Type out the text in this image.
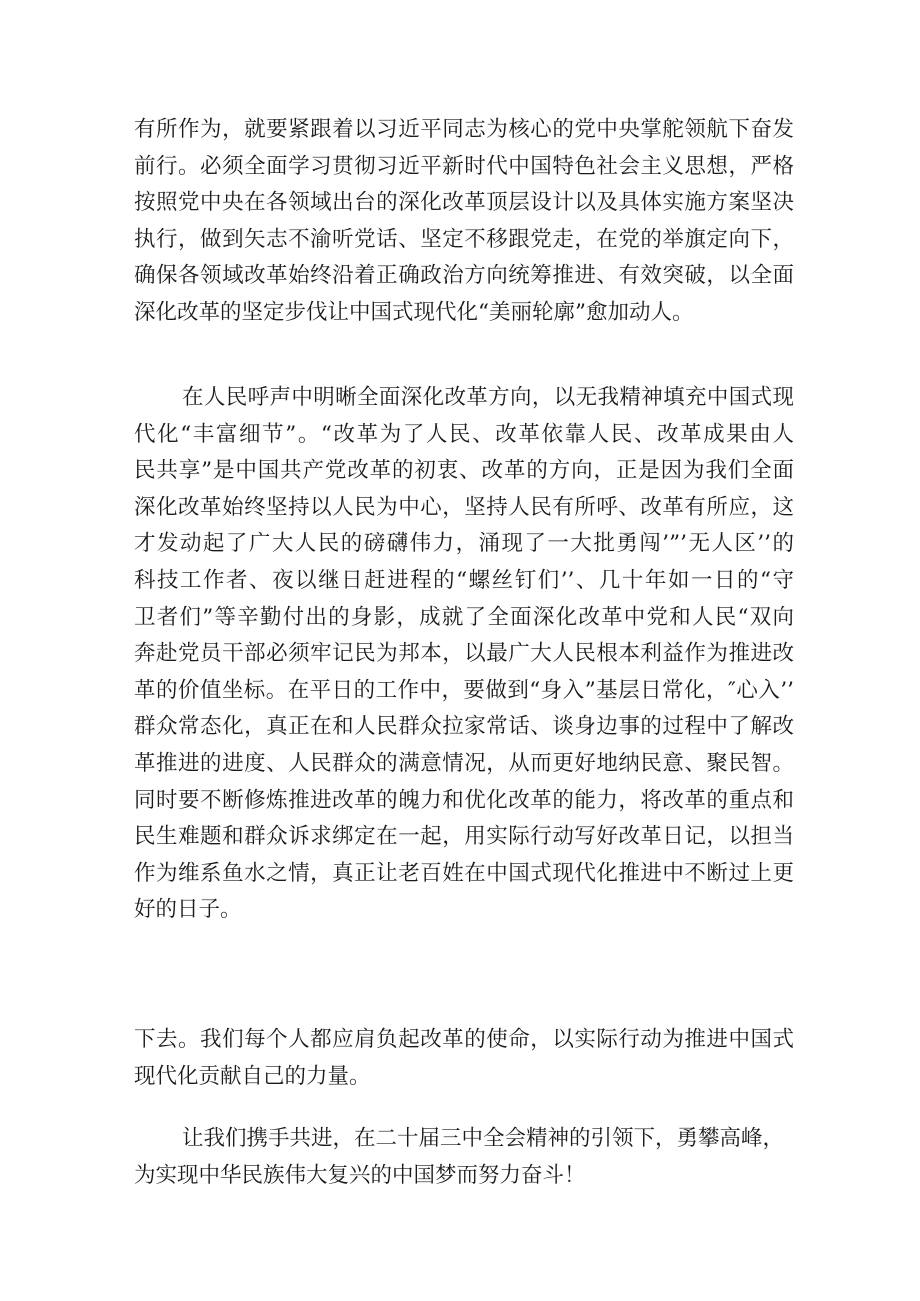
有所作为，就要紧跟着以习近平同志为核心的党中央掌舵领航下奋发
前行。必须全面学习贯彻习近平新时代中国特色社会主义思想，严格
按照党中央在各领域出台的深化改革顶层设计以及具体实施方案坚决
执行，做到矢志不渝听党话、坚定不移跟党走，在党的举旗定向下，
确保各领域改革始终沿着正确政治方向统筹推进、有效突破，以全面
深化改革的坚定步伐让中国式现代化“美丽轮廓”愈加动人。
在人民呼声中明晰全面深化改革方向，以无我精神填充中国式现
代化“丰富细节”。“改革为了人民、改革依靠人民、改革成果由人
民共享”是中国共产党改革的初衷、改革的方向，正是因为我们全面
深化改革始终坚持以人民为中心，坚持人民有所呼、改革有所应，这
才发动起了广大人民的磅礴伟力，涌现了一大批勇闯’”’无人区’’的
科技工作者、夜以继日赶进程的“螺丝钉们’’、几十年如一日的“守
卫者们”等辛勤付出的身影，成就了全面深化改革中党和人民“双向
奔赴党员干部必须牢记民为邦本，以最广大人民根本利益作为推进改
革的价值坐标。在平日的工作中，要做到“身入”基层日常化，″心入’’
群众常态化，真正在和人民群众拉家常话、谈身边事的过程中了解改
革推进的进度、人民群众的满意情况，从而更好地纳民意、聚民智。
同时要不断修炼推进改革的魄力和优化改革的能力，将改革的重点和
民生难题和群众诉求绑定在一起，用实际行动写好改革日记，以担当
作为维系鱼水之情，真正让老百姓在中国式现代化推进中不断过上更
好的日子。
下去。我们每个人都应肩负起改革的使命，以实际行动为推进中国式
现代化贡献自己的力量。
让我们携手共进，在二十届三中全会精神的引领下，勇攀高峰，
为实现中华民族伟大复兴的中国梦而努力奋斗！
